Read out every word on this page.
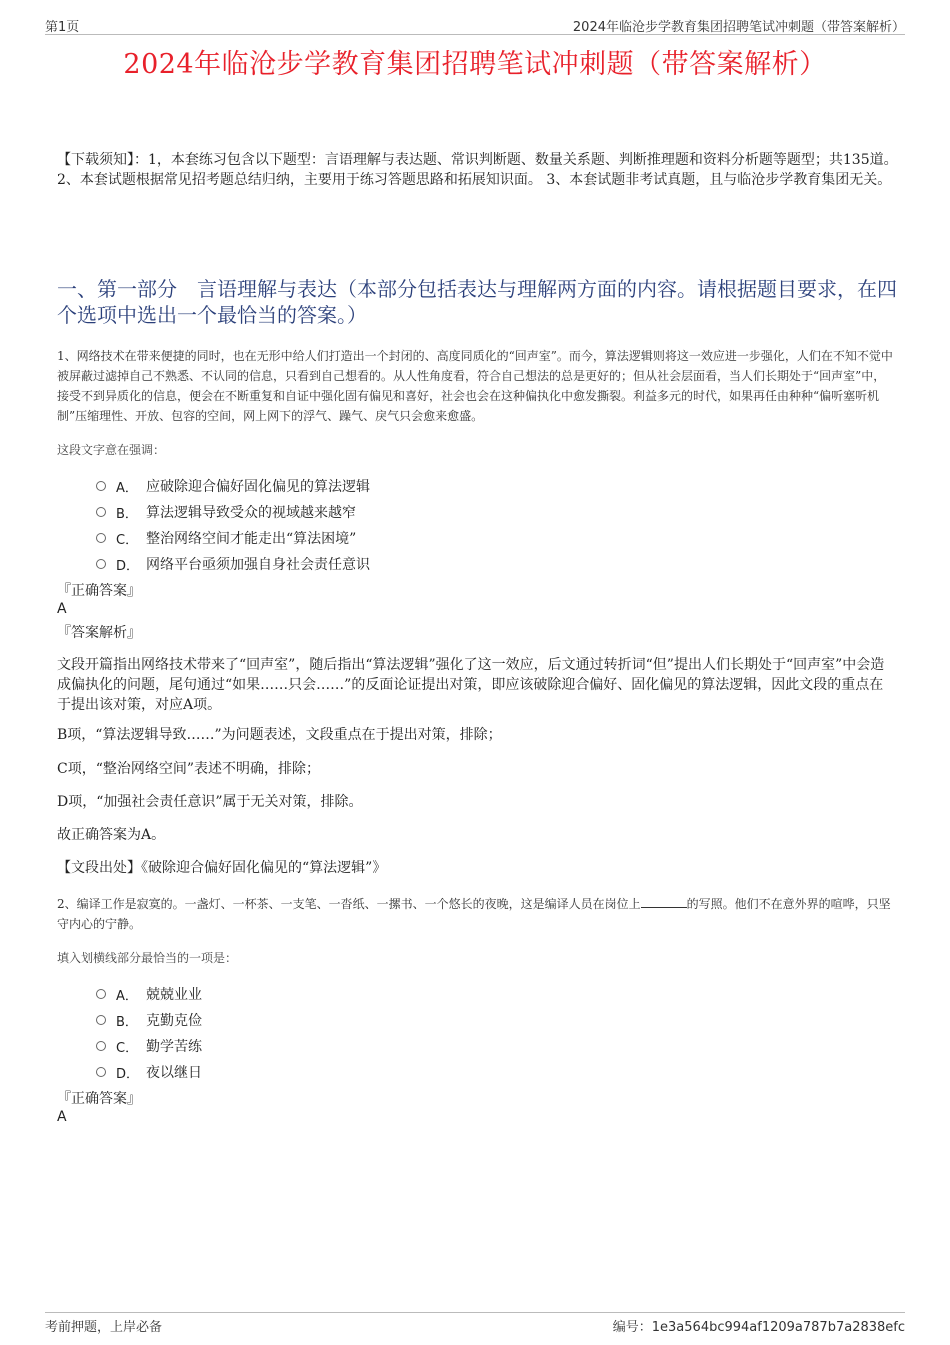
第1页	2024年临沧步学教育集团招聘笔试冲刺题（带答案解析）
2024年临沧步学教育集团招聘笔试冲刺题（带答案解析）
【下载须知】：1，本套练习包含以下题型：言语理解与表达题、常识判断题、数量关系题、判断推理题和资料分析题等题型；共135道。 2、本套试题根据常见招考题总结归纳，主要用于练习答题思路和拓展知识面。 3、本套试题非考试真题，且与临沧步学教育集团无关。
一、第一部分　言语理解与表达（本部分包括表达与理解两方面的内容。请根据题目要求，在四个选项中选出一个最恰当的答案。）
1、网络技术在带来便捷的同时，也在无形中给人们打造出一个封闭的、高度同质化的“回声室”。而今，算法逻辑则将这一效应进一步强化，人们在不知不觉中被屏蔽过滤掉自己不熟悉、不认同的信息，只看到自己想看的。从人性角度看，符合自己想法的总是更好的；但从社会层面看，当人们长期处于“回声室”中，接受不到异质化的信息，便会在不断重复和自证中强化固有偏见和喜好，社会也会在这种偏执化中愈发撕裂。利益多元的时代，如果再任由种种“偏听塞听机制”压缩理性、开放、包容的空间，网上网下的浮气、躁气、戾气只会愈来愈盛。
这段文字意在强调：
A． 应破除迎合偏好固化偏见的算法逻辑
B． 算法逻辑导致受众的视域越来越窄
C． 整治网络空间才能走出“算法困境”
D． 网络平台亟须加强自身社会责任意识
『正确答案』
A
『答案解析』
文段开篇指出网络技术带来了“回声室”，随后指出“算法逻辑”强化了这一效应，后文通过转折词“但”提出人们长期处于“回声室”中会造成偏执化的问题，尾句通过“如果……只会……”的反面论证提出对策，即应该破除迎合偏好、固化偏见的算法逻辑，因此文段的重点在于提出该对策，对应A项。
B项，“算法逻辑导致……”为问题表述，文段重点在于提出对策，排除；
C项，“整治网络空间”表述不明确，排除；
D项，“加强社会责任意识”属于无关对策，排除。
故正确答案为A。
【文段出处】《破除迎合偏好固化偏见的“算法逻辑”》
2、编译工作是寂寞的。一盏灯、一杯茶、一支笔、一沓纸、一摞书、一个悠长的夜晚，这是编译人员在岗位上	的写照。他们不在意外界的喧哗，只坚守内心的宁静。
填入划横线部分最恰当的一项是：
A． 兢兢业业
B． 克勤克俭
C． 勤学苦练
D． 夜以继日
『正确答案』
A
考前押题，上岸必备	编号：1e3a564bc994af1209a787b7a2838efc
